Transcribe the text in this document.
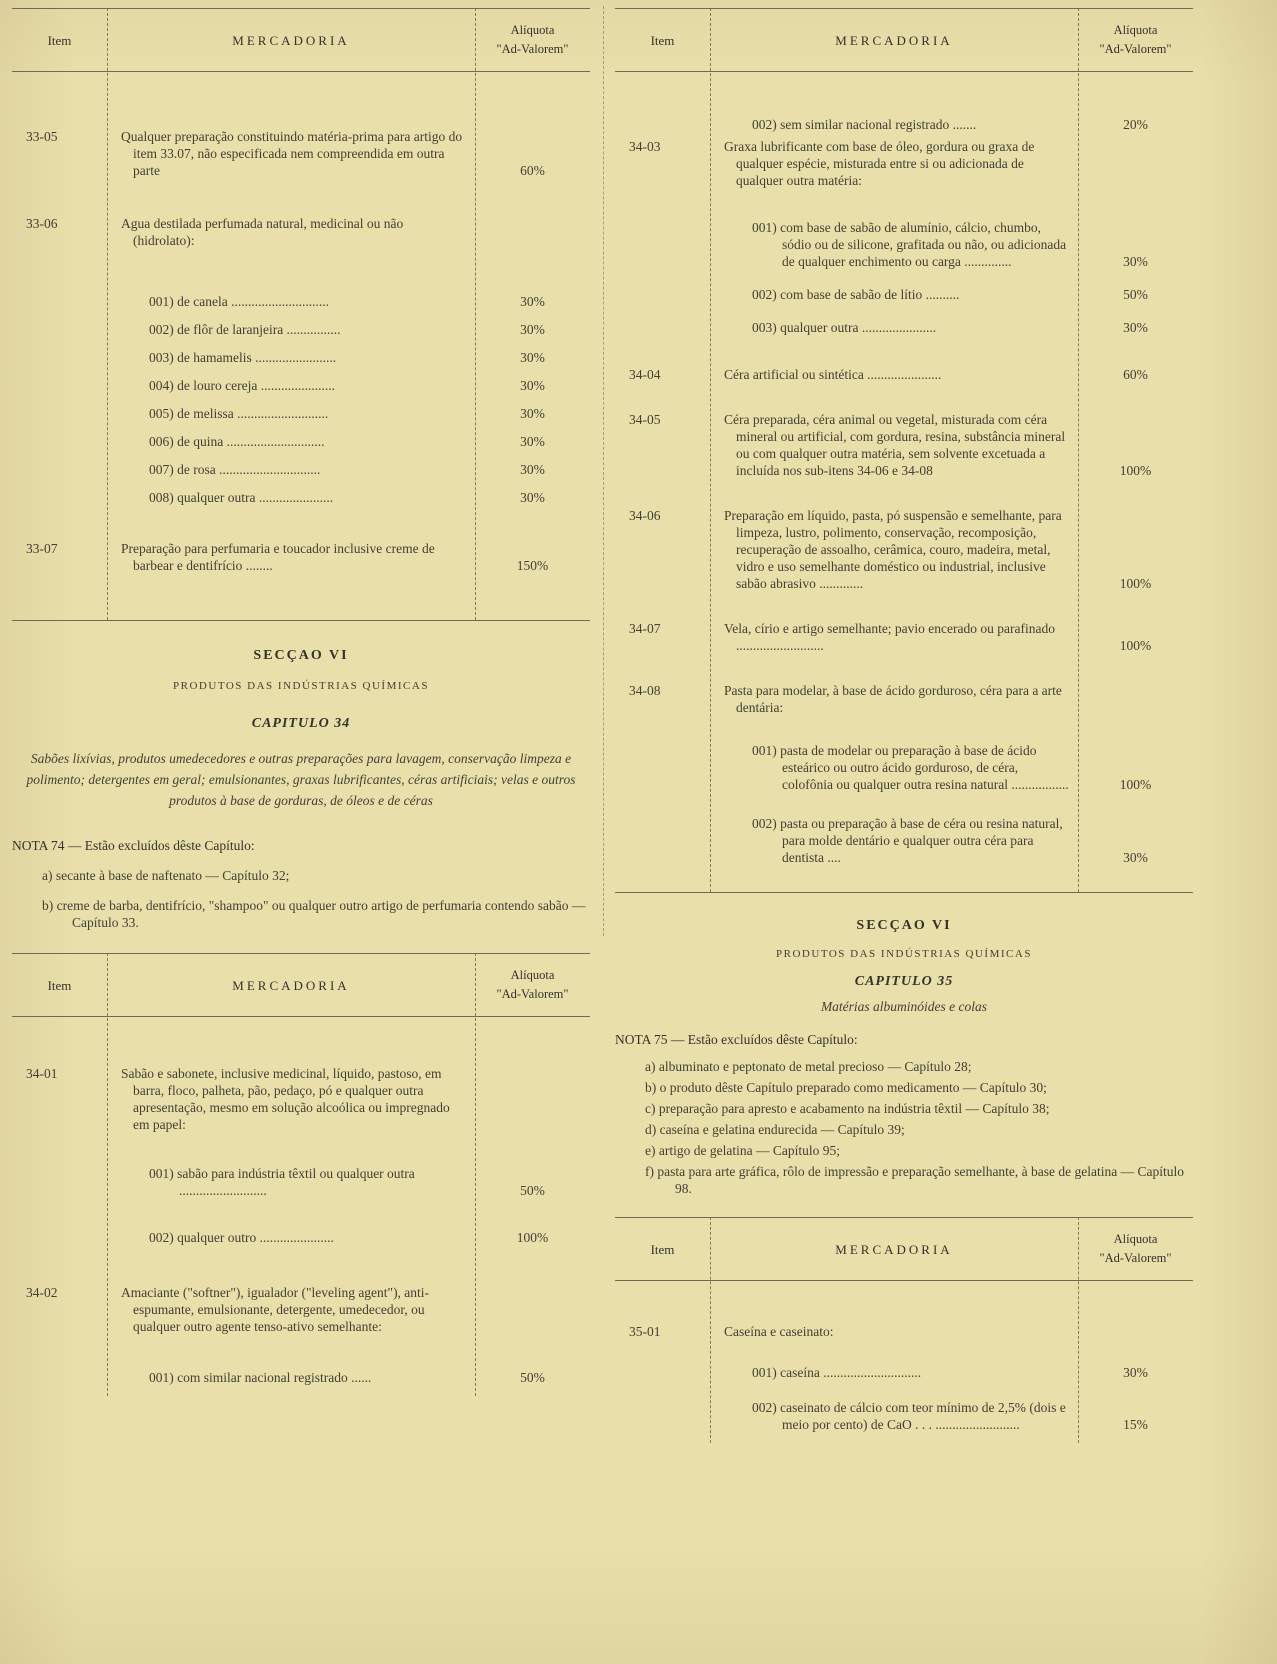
Item	MERCADORIA
Alíquota
"Ad-Valorem"
33-05	Qualquer preparação constituindo matéria-prima para artigo do item 33.07, não especificada nem compreendida em outra parte	60%
33-06	Agua destilada perfumada natural, medicinal ou não (hidrolato):
001) de canela .............................	30%
002) de flôr de laranjeira ................	30%
003) de hamamelis ........................	30%
004) de louro cereja ......................	30%
005) de melissa ...........................	30%
006) de quina .............................	30%
007) de rosa ..............................	30%
008) qualquer outra ......................	30%
33-07	Preparação para perfumaria e toucador inclusive creme de barbear e dentifrício ........	150%
SECÇAO VI
PRODUTOS DAS INDÚSTRIAS QUÍMICAS
CAPITULO 34
Sabões lixívias, produtos umedecedores e outras preparações para lavagem, conservação limpeza e polimento; detergentes em geral; emulsionantes, graxas lubrificantes, céras artificiais; velas e outros produtos à base de gorduras, de óleos e de céras
NOTA 74 — Estão excluídos dêste Capítulo:
a) secante à base de naftenato — Capítulo 32;
b) creme de barba, dentifrício, "shampoo" ou qualquer outro artigo de perfumaria contendo sabão — Capítulo 33.
Item	MERCADORIA
Alíquota
"Ad-Valorem"
34-01	Sabão e sabonete, inclusive medicinal, líquido, pastoso, em barra, floco, palheta, pão, pedaço, pó e qualquer outra apresentação, mesmo em solução alcoólica ou impregnado em papel:
001) sabão para indústria têxtil ou qualquer outra ..........................	50%
002) qualquer outro ......................	100%
34-02	Amaciante ("softner"), igualador ("leveling agent"), anti-espumante, emulsionante, detergente, umedecedor, ou qualquer outro agente tenso-ativo semelhante:
001) com similar nacional registrado ......	50%
Item	MERCADORIA
Alíquota
"Ad-Valorem"
002) sem similar nacional registrado .......	20%
34-03	Graxa lubrificante com base de óleo, gordura ou graxa de qualquer espécie, misturada entre si ou adicionada de qualquer outra matéria:
001) com base de sabão de alumínio, cálcio, chumbo, sódio ou de silicone, grafitada ou não, ou adicionada de qualquer enchimento ou carga ..............	30%
002) com base de sabão de lítio ..........	50%
003) qualquer outra ......................	30%
34-04	Céra artificial ou sintética ......................	60%
34-05	Céra preparada, céra animal ou vegetal, misturada com céra mineral ou artificial, com gordura, resina, substância mineral ou com qualquer outra matéria, sem solvente excetuada a incluída nos sub-itens 34-06 e 34-08	100%
34-06	Preparação em líquido, pasta, pó suspensão e semelhante, para limpeza, lustro, polimento, conservação, recomposição, recuperação de assoalho, cerâmica, couro, madeira, metal, vidro e uso semelhante doméstico ou industrial, inclusive sabão abrasivo .............	100%
34-07	Vela, círio e artigo semelhante; pavio encerado ou parafinado ..........................	100%
34-08	Pasta para modelar, à base de ácido gorduroso, céra para a arte dentária:
001) pasta de modelar ou preparação à base de ácido esteárico ou outro ácido gorduroso, de céra, colofônia ou qualquer outra resina natural .................	100%
002) pasta ou preparação à base de céra ou resina natural, para molde dentário e qualquer outra céra para dentista ....	30%
SECÇAO VI
PRODUTOS DAS INDÚSTRIAS QUÍMICAS
CAPITULO 35
Matérias albuminóides e colas
NOTA 75 — Estão excluídos dêste Capítulo:
a) albuminato e peptonato de metal precioso — Capítulo 28;
b) o produto dêste Capítulo preparado como medicamento — Capítulo 30;
c) preparação para apresto e acabamento na indústria têxtil — Capítulo 38;
d) caseína e gelatina endurecida — Capítulo 39;
e) artigo de gelatina — Capítulo 95;
f) pasta para arte gráfica, rôlo de impressão e preparação semelhante, à base de gelatina — Capítulo 98.
Item	MERCADORIA
Alíquota
"Ad-Valorem"
35-01	Caseína e caseinato:
001) caseína .............................	30%
002) caseinato de cálcio com teor mínimo de 2,5% (dois e meio por cento) de CaO . . . .........................	15%
